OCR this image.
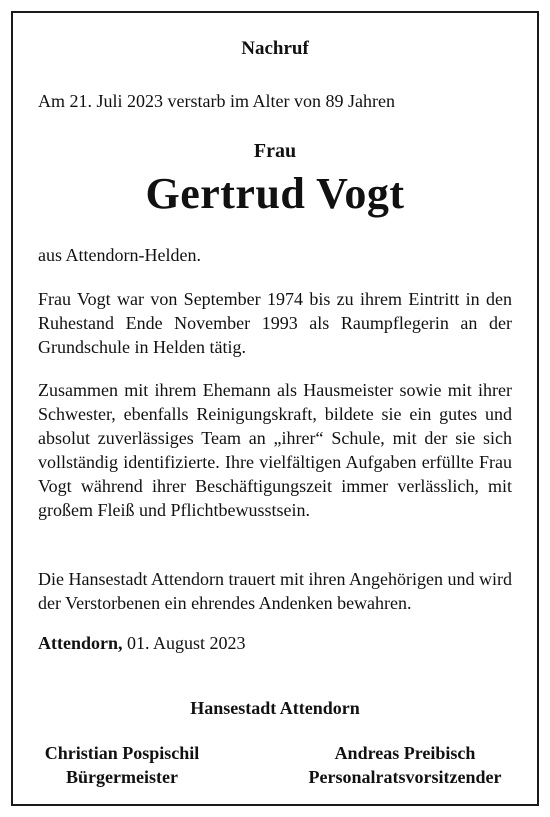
Nachruf
Am 21. Juli 2023 verstarb im Alter von 89 Jahren
Frau
Gertrud Vogt
aus Attendorn-Helden.
Frau Vogt war von September 1974 bis zu ihrem Eintritt in den Ruhestand Ende November 1993 als Raumpflegerin an der Grundschule in Helden tätig.
Zusammen mit ihrem Ehemann als Hausmeister sowie mit ihrer Schwester, ebenfalls Reinigungskraft, bildete sie ein gutes und absolut zuverlässiges Team an „ihrer“ Schule, mit der sie sich vollständig identifizierte. Ihre vielfältigen Aufgaben erfüllte Frau Vogt während ihrer Beschäftigungszeit immer verlässlich, mit großem Fleiß und Pflichtbewusstsein.
Die Hansestadt Attendorn trauert mit ihren Angehörigen und wird der Verstorbenen ein ehrendes Andenken bewahren.
Attendorn, 01. August 2023
Hansestadt Attendorn
Christian Pospischil
Bürgermeister
Andreas Preibisch
Personalratsvorsitzender
